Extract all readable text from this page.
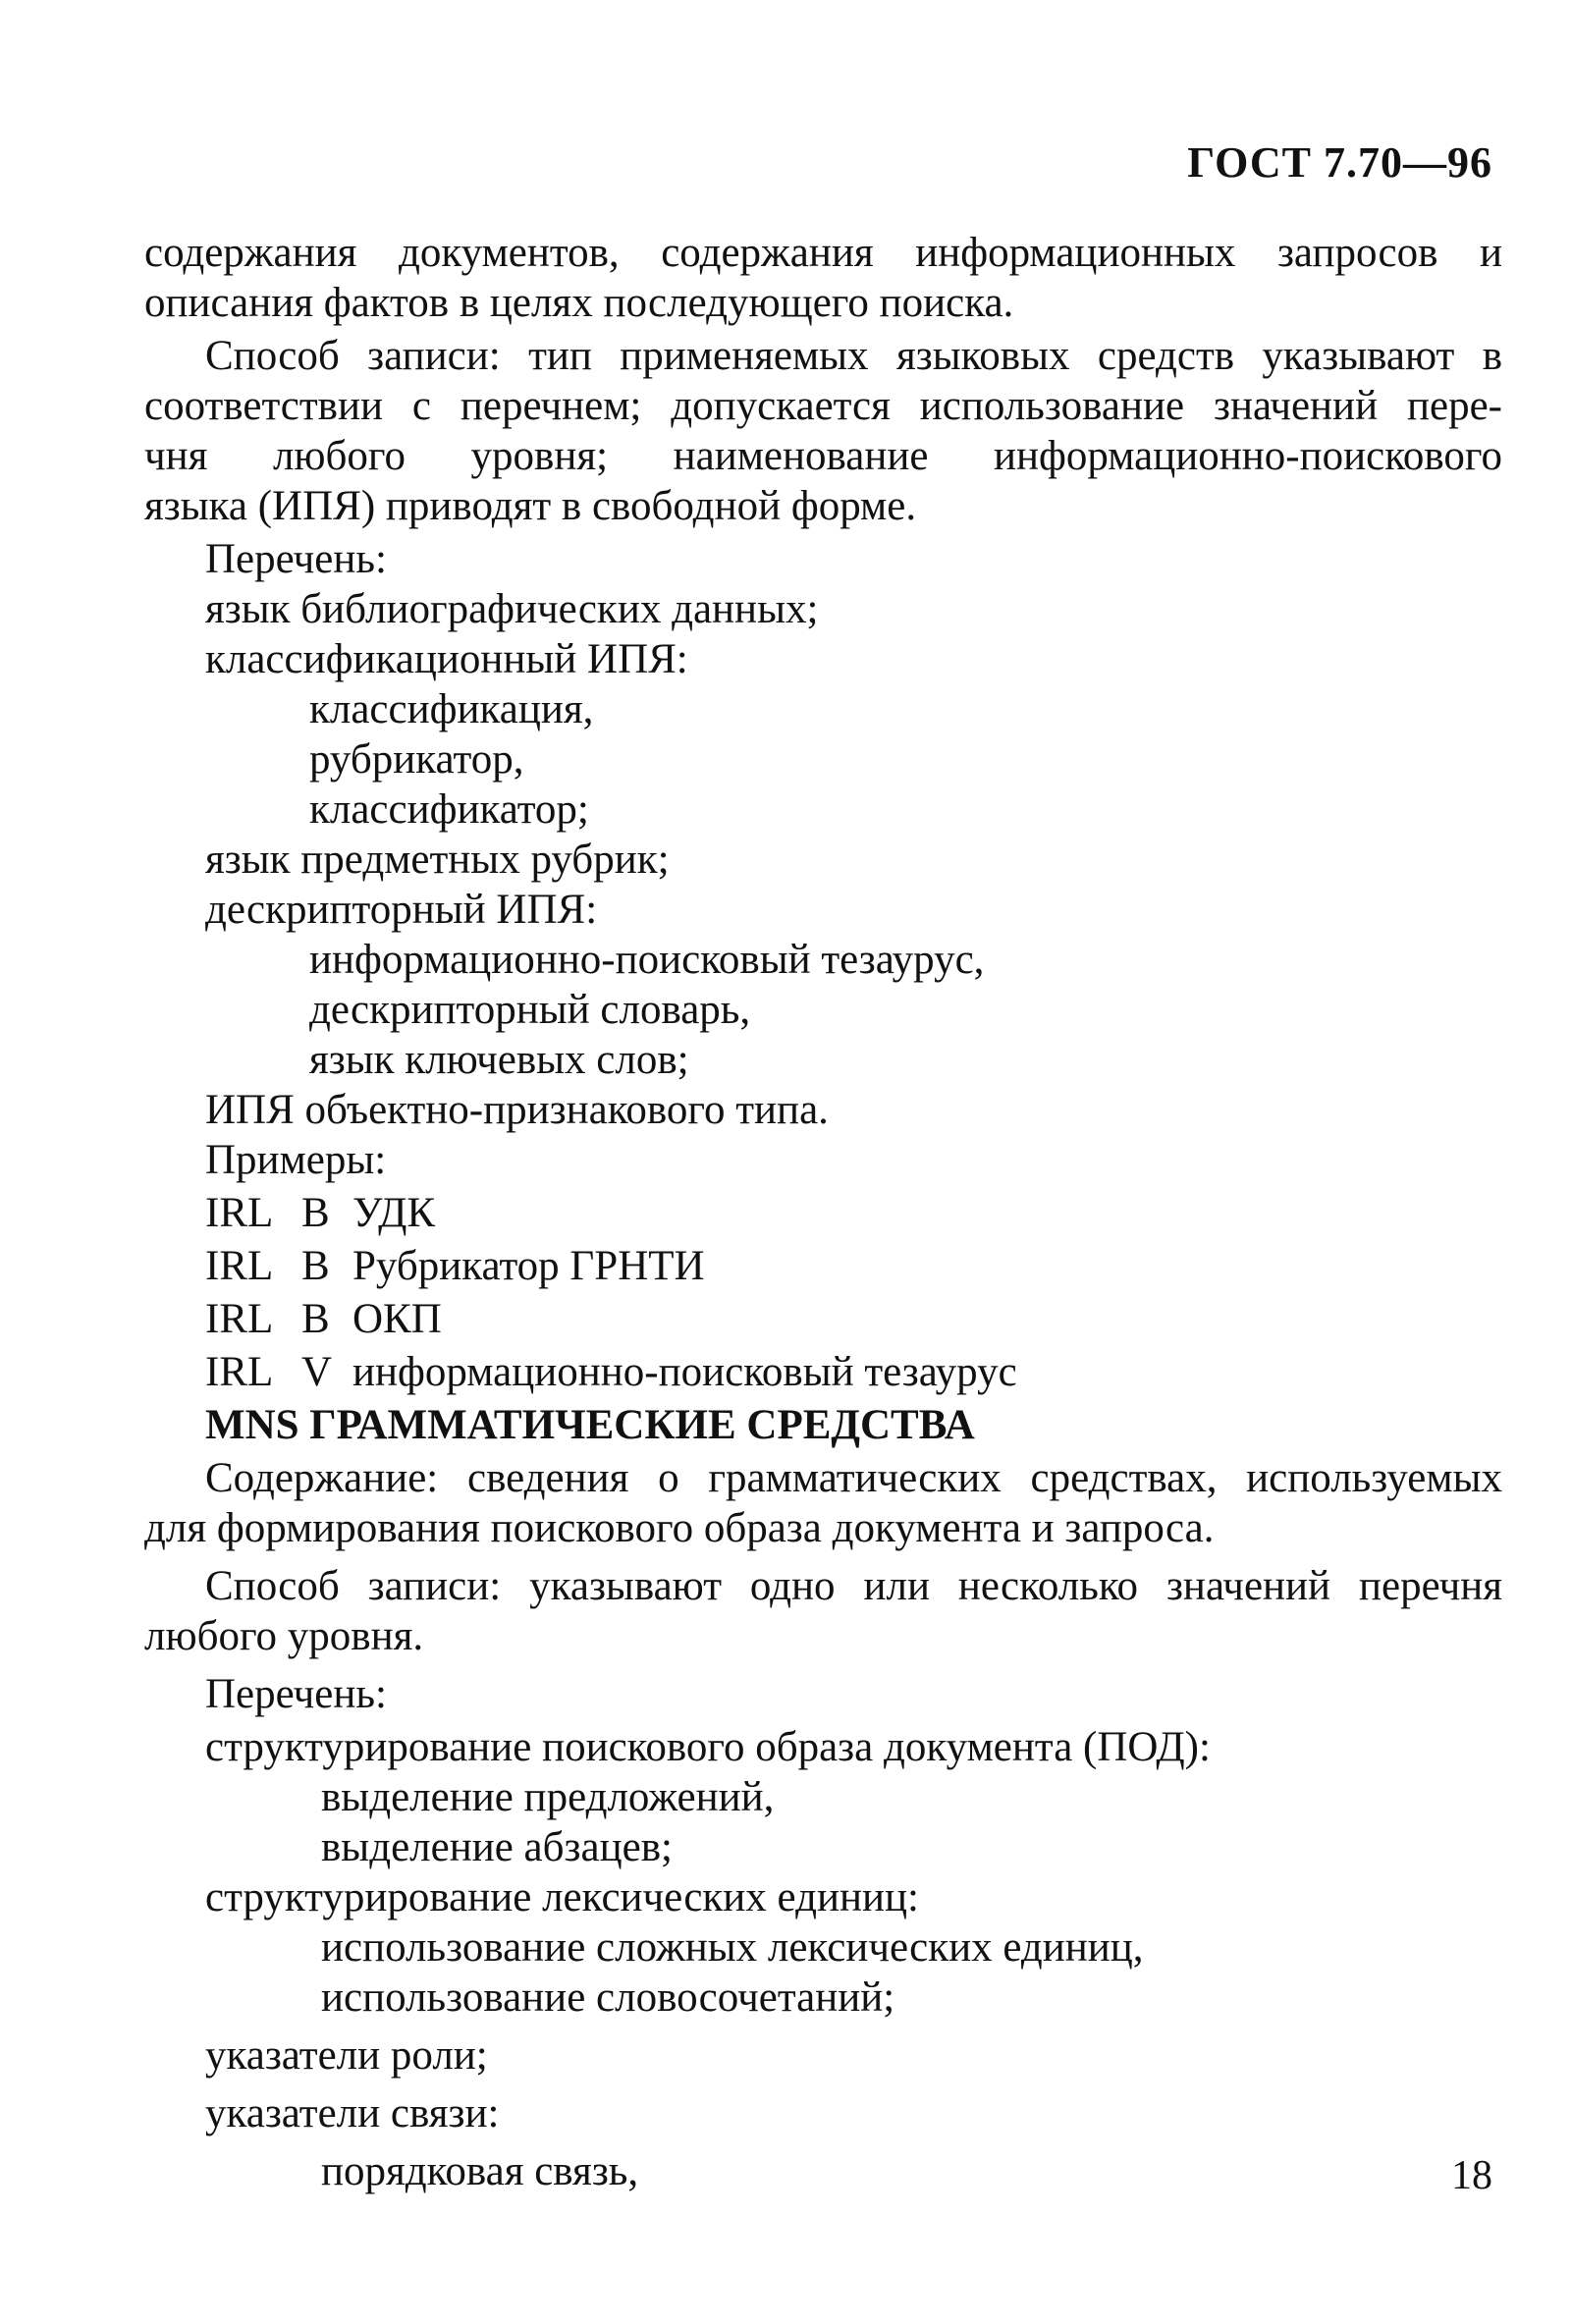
ГОСТ 7.70—96
содержания документов, содержания информационных запросов и
описания фактов в целях последующего поиска.
Способ записи: тип применяемых языковых средств указывают в
соответствии с перечнем; допускается использование значений пере-
чня любого уровня; наименование информационно-поискового
языка (ИПЯ) приводят в свободной форме.
Перечень:
язык библиографических данных;
классификационный ИПЯ:
классификация,
рубрикатор,
классификатор;
язык предметных рубрик;
дескрипторный ИПЯ:
информационно-поисковый тезаурус,
дескрипторный словарь,
язык ключевых слов;
ИПЯ объектно-признакового типа.
Примеры:
IRL B УДК
IRL B Рубрикатор ГРНТИ
IRL B ОКП
IRL V информационно-поисковый тезаурус
MNS ГРАММАТИЧЕСКИЕ СРЕДСТВА
Содержание: сведения о грамматических средствах, используемых
для формирования поискового образа документа и запроса.
Способ записи: указывают одно или несколько значений перечня
любого уровня.
Перечень:
структурирование поискового образа документа (ПОД):
выделение предложений,
выделение абзацев;
структурирование лексических единиц:
использование сложных лексических единиц,
использование словосочетаний;
указатели роли;
указатели связи:
порядковая связь,	18
